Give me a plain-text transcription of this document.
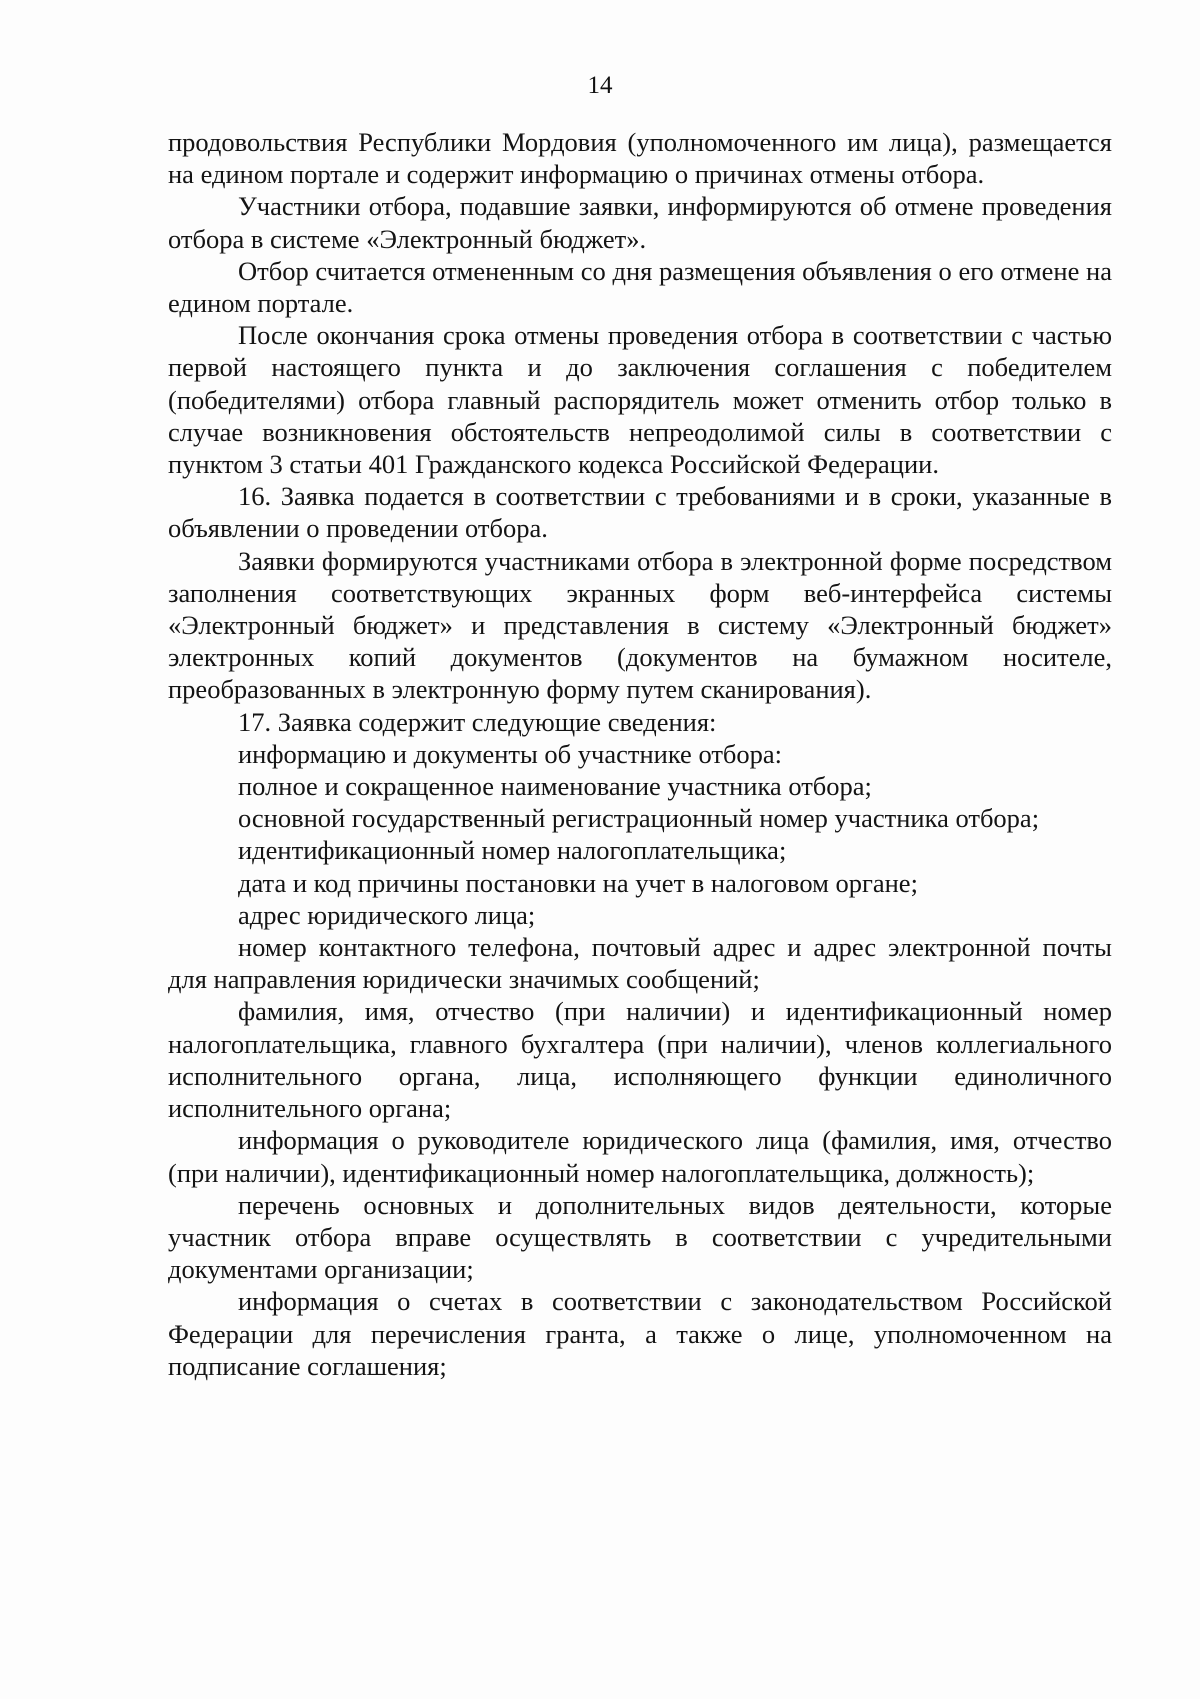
14

продовольствия Республики Мордовия (уполномоченного им лица), размещается на едином портале и содержит информацию о причинах отмены отбора.

Участники отбора, подавшие заявки, информируются об отмене проведения отбора в системе «Электронный бюджет».

Отбор считается отмененным со дня размещения объявления о его отмене на едином портале.

После окончания срока отмены проведения отбора в соответствии с частью первой настоящего пункта и до заключения соглашения с победителем (победителями) отбора главный распорядитель может отменить отбор только в случае возникновения обстоятельств непреодолимой силы в соответствии с пунктом 3 статьи 401 Гражданского кодекса Российской Федерации.

16. Заявка подается в соответствии с требованиями и в сроки, указанные в объявлении о проведении отбора.

Заявки формируются участниками отбора в электронной форме посредством заполнения соответствующих экранных форм веб-интерфейса системы «Электронный бюджет» и представления в систему «Электронный бюджет» электронных копий документов (документов на бумажном носителе, преобразованных в электронную форму путем сканирования).

17. Заявка содержит следующие сведения:

информацию и документы об участнике отбора:

полное и сокращенное наименование участника отбора;

основной государственный регистрационный номер участника отбора;

идентификационный номер налогоплательщика;

дата и код причины постановки на учет в налоговом органе;

адрес юридического лица;

номер контактного телефона, почтовый адрес и адрес электронной почты для направления юридически значимых сообщений;

фамилия, имя, отчество (при наличии) и идентификационный номер налогоплательщика, главного бухгалтера (при наличии), членов коллегиального исполнительного органа, лица, исполняющего функции единоличного исполнительного органа;

информация о руководителе юридического лица (фамилия, имя, отчество (при наличии), идентификационный номер налогоплательщика, должность);

перечень основных и дополнительных видов деятельности, которые участник отбора вправе осуществлять в соответствии с учредительными документами организации;

информация о счетах в соответствии с законодательством Российской Федерации для перечисления гранта, а также о лице, уполномоченном на подписание соглашения;
